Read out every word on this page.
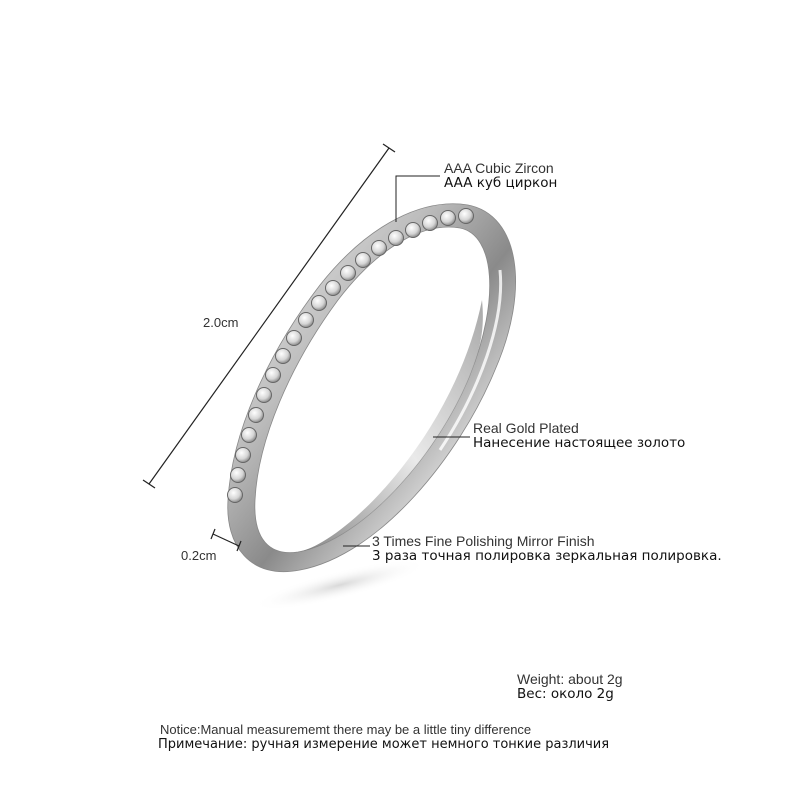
AAA Cubic Zircon
AAA куб циркон
2.0cm
Real Gold Plated
Нанесение настоящее золото
0.2cm
3 Times Fine Polishing Mirror Finish
3 раза точная полировка зеркальная полировка.
Weight: about 2g
Вес: около 2g
Notice:Manual measurememt there may be a little tiny difference
Примечание: ручная измерение может немного тонкие различия
